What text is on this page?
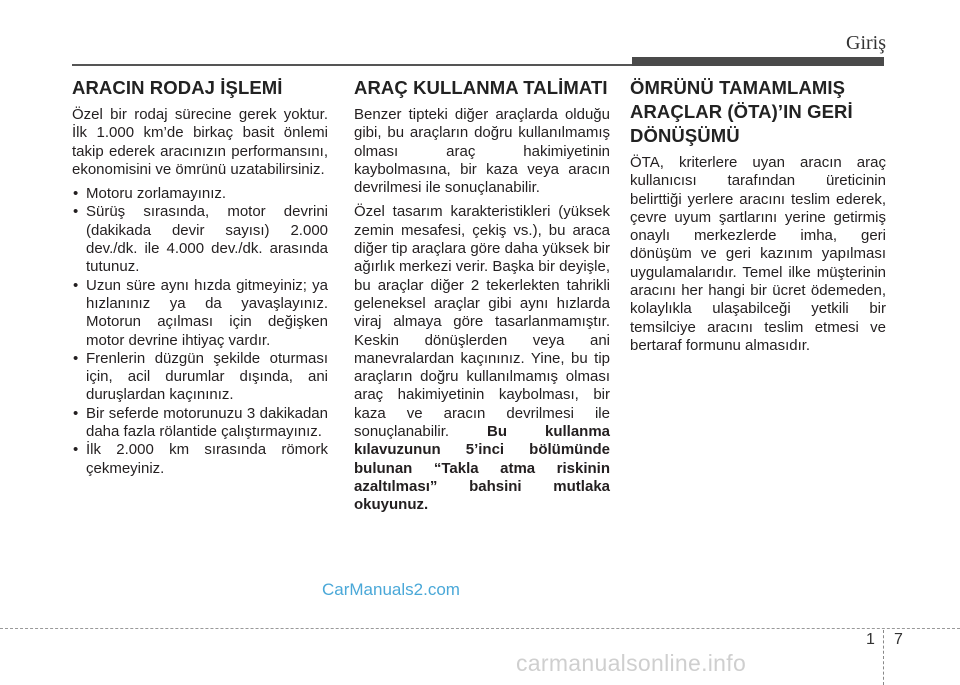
Giriş
ARACIN RODAJ İŞLEMİ

Özel bir rodaj sürecine gerek yoktur. İlk 1.000 km’de birkaç basit önlemi takip ederek aracınızın performansını, ekonomisini ve ömrünü uzatabilirsiniz.

• Motoru zorlamayınız.
• Sürüş sırasında, motor devrini (dakikada devir sayısı) 2.000 dev./dk. ile 4.000 dev./dk. arasında tutunuz.
• Uzun süre aynı hızda gitmeyiniz; ya hızlanınız ya da yavaşlayınız. Motorun açılması için değişken motor devrine ihtiyaç vardır.
• Frenlerin düzgün şekilde oturması için, acil durumlar dışında, ani duruşlardan kaçınınız.
• Bir seferde motorunuzu 3 dakikadan daha fazla rölantide çalıştırmayınız.
• İlk 2.000 km sırasında römork çekmeyiniz.
ARAÇ KULLANMA TALİMATI

Benzer tipteki diğer araçlarda olduğu gibi, bu araçların doğru kullanılmamış olması araç hakimiyetinin kaybolmasına, bir kaza veya aracın devrilmesi ile sonuçlanabilir.

Özel tasarım karakteristikleri (yüksek zemin mesafesi, çekiş vs.), bu araca diğer tip araçlara göre daha yüksek bir ağırlık merkezi verir. Başka bir deyişle, bu araçlar diğer 2 tekerlekten tahrikli geleneksel araçlar gibi aynı hızlarda viraj almaya göre tasarlanmamıştır. Keskin dönüşlerden veya ani manevralardan kaçınınız. Yine, bu tip araçların doğru kullanılmamış olması araç hakimiyetinin kaybolması, bir kaza ve aracın devrilmesi ile sonuçlanabilir.	Bu kullanma kılavuzunun 5’inci bölümünde bulunan “Takla atma riskinin azaltılması” bahsini mutlaka okuyunuz.

ÖMRÜNÜ TAMAMLAMIŞ ARAÇLAR (ÖTA)’IN GERİ DÖNÜŞÜMÜ

ÖTA, kriterlere uyan aracın araç kullanıcısı tarafından üreticinin belirttiği yerlere aracını teslim ederek, çevre uyum şartlarını yerine getirmiş onaylı merkezlerde imha, geri dönüşüm ve geri kazınım yapılması uygulamalarıdır. Temel ilke müşterinin aracını her hangi bir ücret ödemeden, kolaylıkla ulaşabilceği yetkili bir temsilciye aracını teslim etmesi ve bertaraf formunu almasıdır.

CarManuals2.com
1 7
carmanualsonline.info
